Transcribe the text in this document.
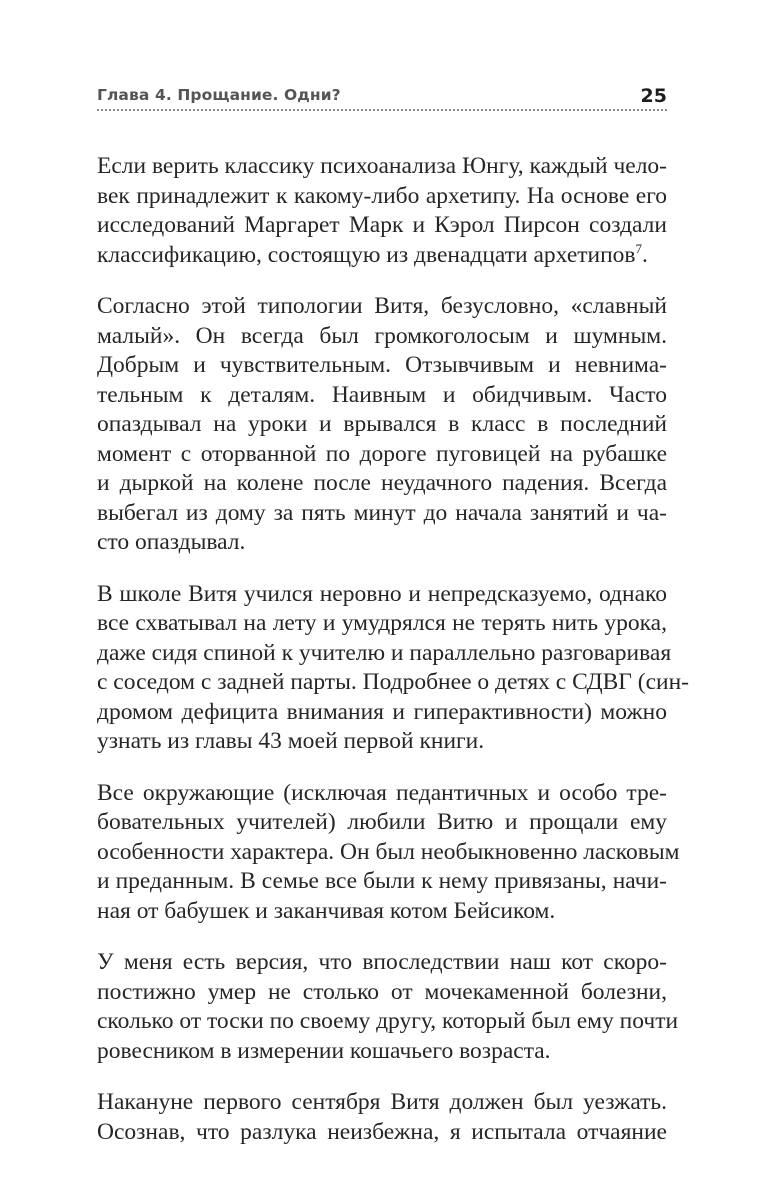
Глава 4. Прощание. Одни?	25
Если верить классику психоанализа Юнгу, каждый чело-
век принадлежит к какому-либо архетипу. На основе его
исследований Маргарет Марк и Кэрол Пирсон создали
классификацию, состоящую из двенадцати архетипов$^7$.
Согласно этой типологии Витя, безусловно, «славный
малый». Он всегда был громкоголосым и шумным.
Добрым и чувствительным. Отзывчивым и невнима-
тельным к деталям. Наивным и обидчивым. Часто
опаздывал на уроки и врывался в класс в последний
момент с оторванной по дороге пуговицей на рубашке
и дыркой на колене после неудачного падения. Всегда
выбегал из дому за пять минут до начала занятий и ча-
сто опаздывал.
В школе Витя учился неровно и непредсказуемо, однако
все схватывал на лету и умудрялся не терять нить урока,
даже сидя спиной к учителю и параллельно разговаривая
с соседом с задней парты. Подробнее о детях с СДВГ (син-
дромом дефицита внимания и гиперактивности) можно
узнать из главы 43 моей первой книги.
Все окружающие (исключая педантичных и особо тре-
бовательных учителей) любили Витю и прощали ему
особенности характера. Он был необыкновенно ласковым
и преданным. В семье все были к нему привязаны, начи-
ная от бабушек и заканчивая котом Бейсиком.
У меня есть версия, что впоследствии наш кот скоро-
постижно умер не столько от мочекаменной болезни,
сколько от тоски по своему другу, который был ему почти
ровесником в измерении кошачьего возраста.
Накануне первого сентября Витя должен был уезжать.
Осознав, что разлука неизбежна, я испытала отчаяние
